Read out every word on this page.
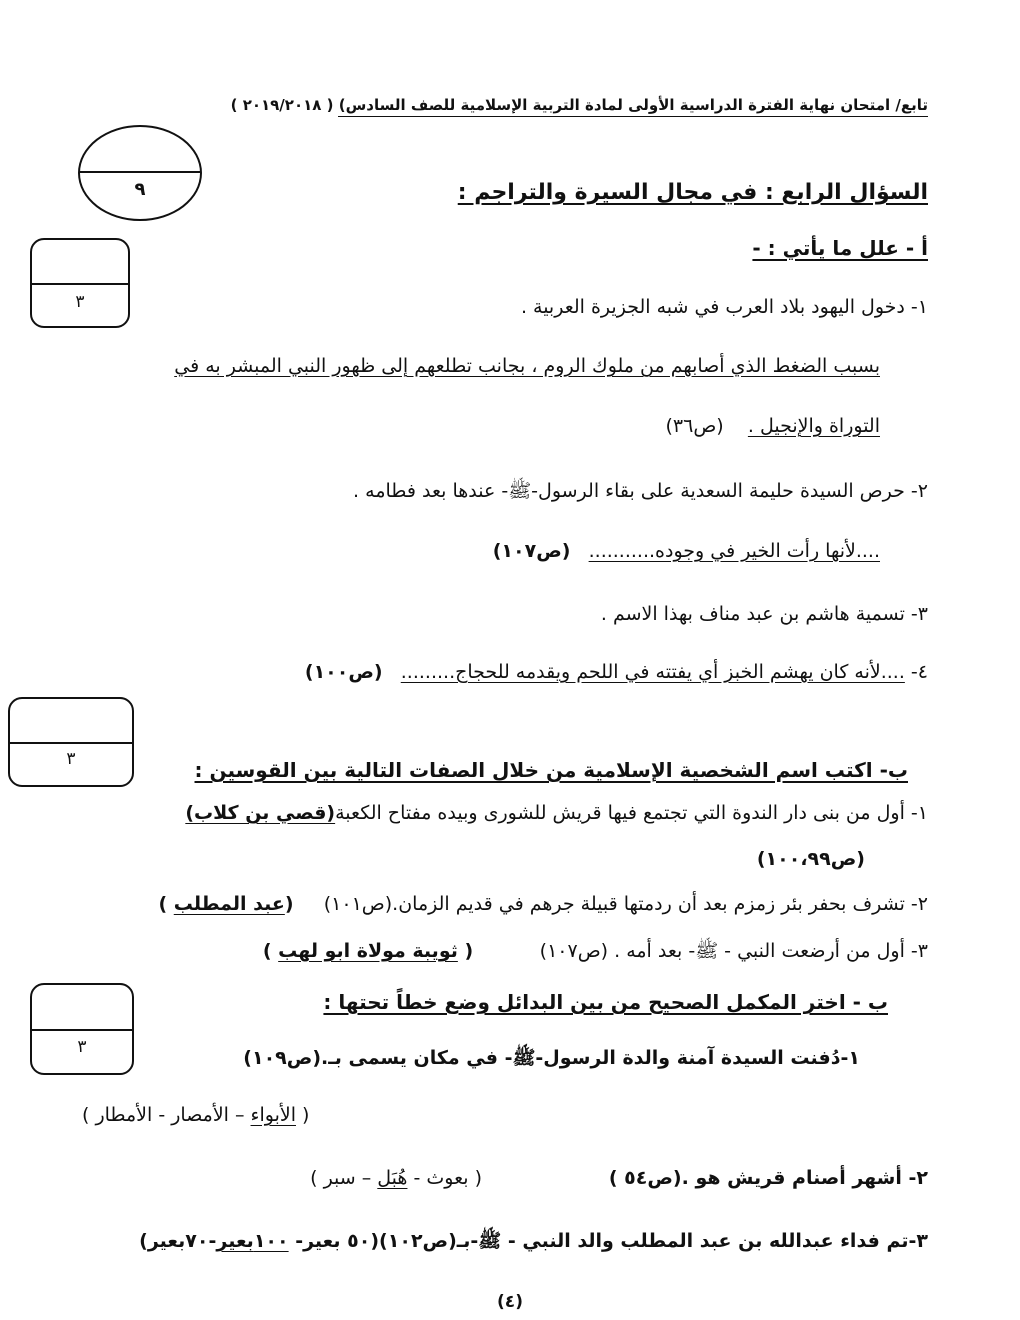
تابع/ امتحان نهاية الفترة الدراسية الأولى لمادة التربية الإسلامية للصف السادس) ( ٢٠١٩/٢٠١٨ )
٩
٣
٣
٣
السؤال الرابع : في مجال السيرة والتراجم :
أ - علل ما يأتي : -
١- دخول اليهود بلاد العرب في شبه الجزيرة العربية .
بسبب الضغط الذي أصابهم من ملوك الروم ، بجانب تطلعهم إلى ظهور النبي المبشر به في
التوراة والإنجيل .    (ص٣٦)
٢- حرص السيدة حليمة السعدية على بقاء الرسول-ﷺ- عندها بعد فطامه .
....لأنها رأت الخير في وجوده...........   (ص١٠٧)
٣- تسمية هاشم بن عبد مناف بهذا الاسم .
٤- ....لأنه كان يهشم الخبز أي يفتته في اللحم ويقدمه للحجاج.........   (ص١٠٠)
ب- اكتب اسم الشخصية الإسلامية من خلال الصفات التالية بين القوسين :
١- أول من بنى دار الندوة التي تجتمع فيها قريش للشورى وبيده مفتاح الكعبة(قصي بن كلاب)
(ص١٠٠،٩٩)
٢- تشرف بحفر بئر زمزم بعد أن ردمتها قبيلة جرهم في قديم الزمان.(ص١٠١)     (عبد المطلب )
٣- أول من أرضعت النبي - ﷺ- بعد أمه . (ص١٠٧)           ( ثويبة مولاة ابو لهب )
ب - اختر المكمل الصحيح من بين البدائل وضع خطاً تحتها :
١-دُفنت السيدة آمنة والدة الرسول-ﷺ- في مكان يسمى بـ.(ص١٠٩)
( الأبواء – الأمصار - الأمطار )
٢- أشهر أصنام قريش هو .(ص٥٤ )                     ( بعوث - هُبَل – سبر )
٣-تم فداء عبدالله بن عبد المطلب والد النبي - ﷺ-بـ(ص١٠٢)(٥٠ بعير- ١٠٠بعير-٧٠بعير)
(٤)
